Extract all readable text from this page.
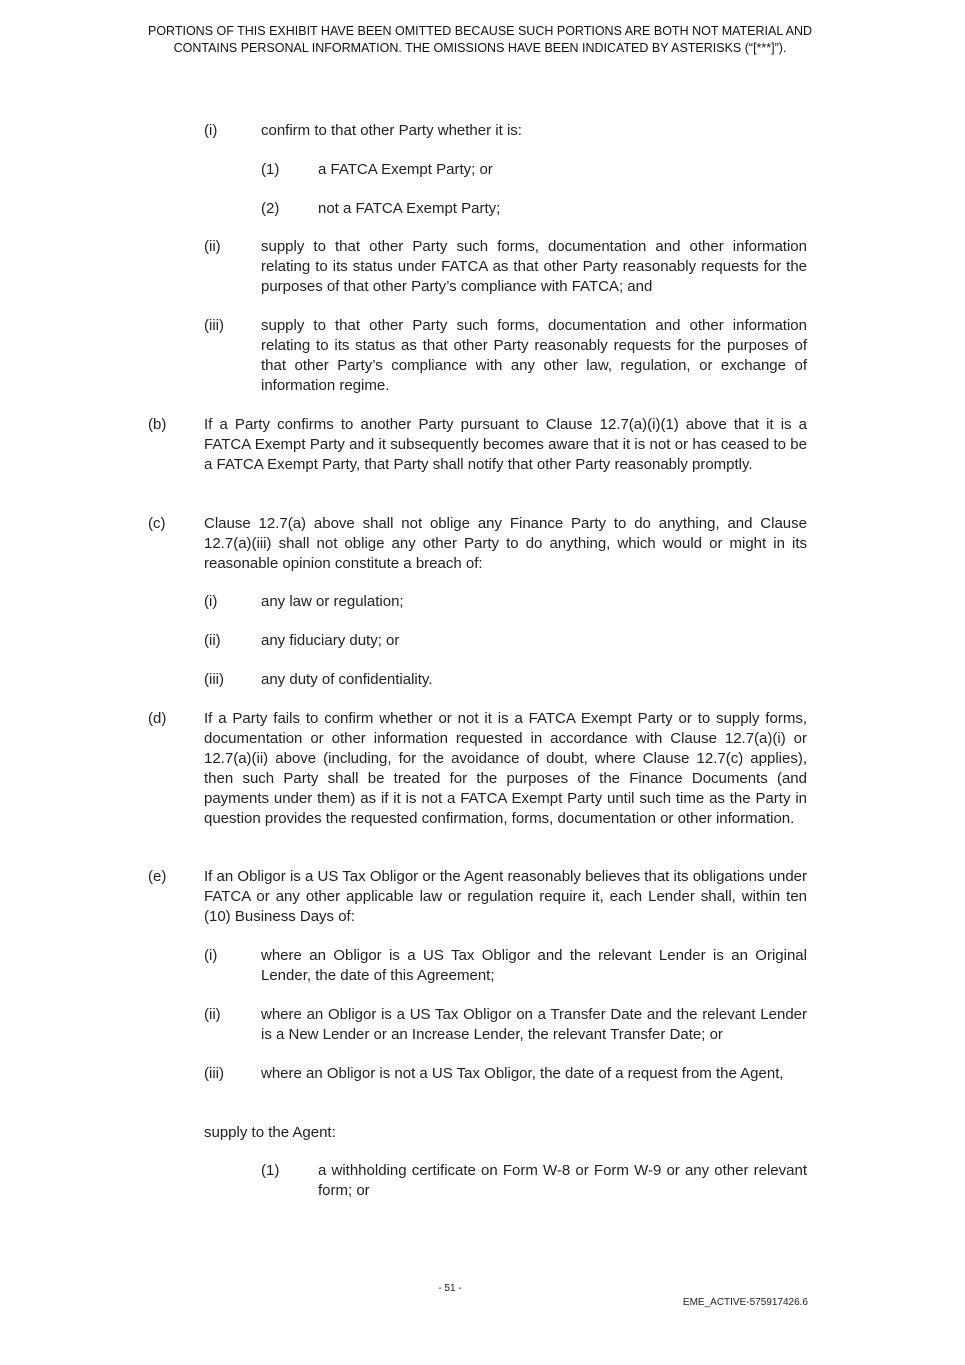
PORTIONS OF THIS EXHIBIT HAVE BEEN OMITTED BECAUSE SUCH PORTIONS ARE BOTH NOT MATERIAL AND
CONTAINS PERSONAL INFORMATION. THE OMISSIONS HAVE BEEN INDICATED BY ASTERISKS (“[***]”).
(i)	confirm to that other Party whether it is:
(1)	a FATCA Exempt Party; or
(2)	not a FATCA Exempt Party;
(ii)	supply to that other Party such forms, documentation and other information relating to its status under FATCA as that other Party reasonably requests for the purposes of that other Party’s compliance with FATCA; and
(iii) supply to that other Party such forms, documentation and other information relating to its status as that other Party reasonably requests for the purposes of that other Party’s compliance with any other law, regulation, or exchange of information regime.
(b)	If a Party confirms to another Party pursuant to Clause 12.7(a)(i)(1) above that it is a FATCA Exempt Party and it subsequently becomes aware that it is not or has ceased to be a FATCA Exempt Party, that Party shall notify that other Party reasonably promptly.
(c)	Clause 12.7(a) above shall not oblige any Finance Party to do anything, and Clause 12.7(a)(iii) shall not oblige any other Party to do anything, which would or might in its reasonable opinion constitute a breach of:
(i)	any law or regulation;
(ii)	any fiduciary duty; or
(iii) any duty of confidentiality.
(d)	If a Party fails to confirm whether or not it is a FATCA Exempt Party or to supply forms, documentation or other information requested in accordance with Clause 12.7(a)(i) or 12.7(a)(ii) above (including, for the avoidance of doubt, where Clause 12.7(c) applies), then such Party shall be treated for the purposes of the Finance Documents (and payments under them) as if it is not a FATCA Exempt Party until such time as the Party in question provides the requested confirmation, forms, documentation or other information.
(e)	If an Obligor is a US Tax Obligor or the Agent reasonably believes that its obligations under FATCA or any other applicable law or regulation require it, each Lender shall, within ten (10) Business Days of:
(i)	where an Obligor is a US Tax Obligor and the relevant Lender is an Original Lender, the date of this Agreement;
(ii)	where an Obligor is a US Tax Obligor on a Transfer Date and the relevant Lender is a New Lender or an Increase Lender, the relevant Transfer Date; or
(iii) where an Obligor is not a US Tax Obligor, the date of a request from the Agent,
supply to the Agent:
(1)	a withholding certificate on Form W-8 or Form W-9 or any other relevant form; or
- 51 -
EME_ACTIVE-575917426.6
